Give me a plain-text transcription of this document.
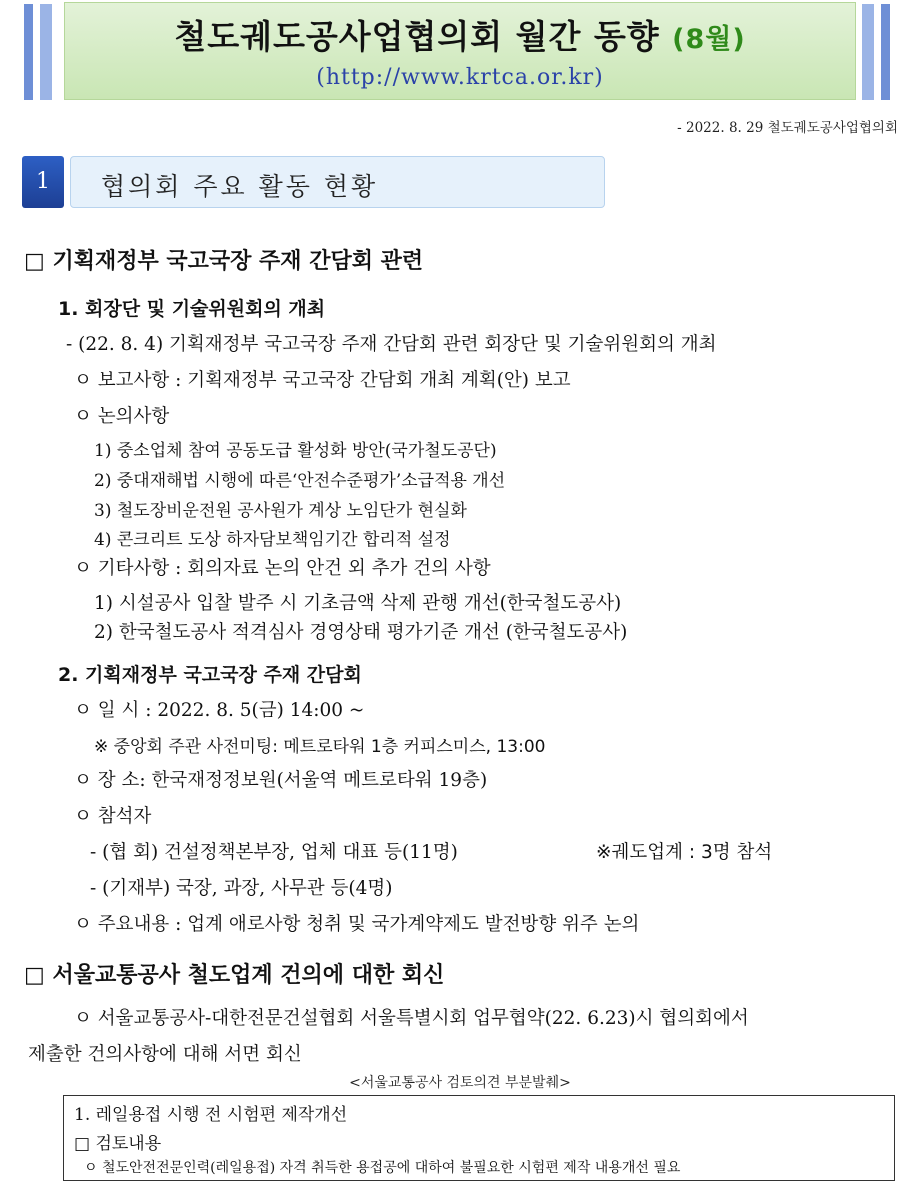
철도궤도공사업협의회 월간 동향 (8월)
(http://www.krtca.or.kr)
- 2022. 8. 29 철도궤도공사업협의회
1	협의회 주요 활동 현황
□ 기획재정부 국고국장 주재 간담회 관련
1. 회장단 및 기술위원회의 개최
- (22. 8. 4) 기획재정부 국고국장 주재 간담회 관련 회장단 및 기술위원회의 개최
ㅇ 보고사항 : 기획재정부 국고국장 간담회 개최 계획(안) 보고
ㅇ 논의사항
1) 중소업체 참여 공동도급 활성화 방안(국가철도공단)
2) 중대재해법 시행에 따른‘안전수준평가’소급적용 개선
3) 철도장비운전원 공사원가 계상 노임단가 현실화
4) 콘크리트 도상 하자담보책임기간 합리적 설정
ㅇ 기타사항 : 회의자료 논의 안건 외 추가 건의 사항
1) 시설공사 입찰 발주 시 기초금액 삭제 관행 개선(한국철도공사)
2) 한국철도공사 적격심사 경영상태 평가기준 개선 (한국철도공사)
2. 기획재정부 국고국장 주재 간담회
ㅇ 일 시 : 2022. 8. 5(금) 14:00 ~
※ 중앙회 주관 사전미팅: 메트로타워 1층 커피스미스, 13:00
ㅇ 장 소: 한국재정정보원(서울역 메트로타워 19층)
ㅇ 참석자
- (협 회) 건설정책본부장, 업체 대표 등(11명)	※궤도업계 : 3명 참석
- (기재부) 국장, 과장, 사무관 등(4명)
ㅇ 주요내용 : 업계 애로사항 청취 및 국가계약제도 발전방향 위주 논의
□ 서울교통공사 철도업계 건의에 대한 회신
ㅇ 서울교통공사-대한전문건설협회 서울특별시회 업무협약(22. 6.23)시 협의회에서
제출한 건의사항에 대해 서면 회신
<서울교통공사 검토의견 부분발췌>
1. 레일용접 시행 전 시험편 제작개선
□ 검토내용
ㅇ 철도안전전문인력(레일용접) 자격 취득한 용접공에 대하여 불필요한 시험편 제작 내용개선 필요
